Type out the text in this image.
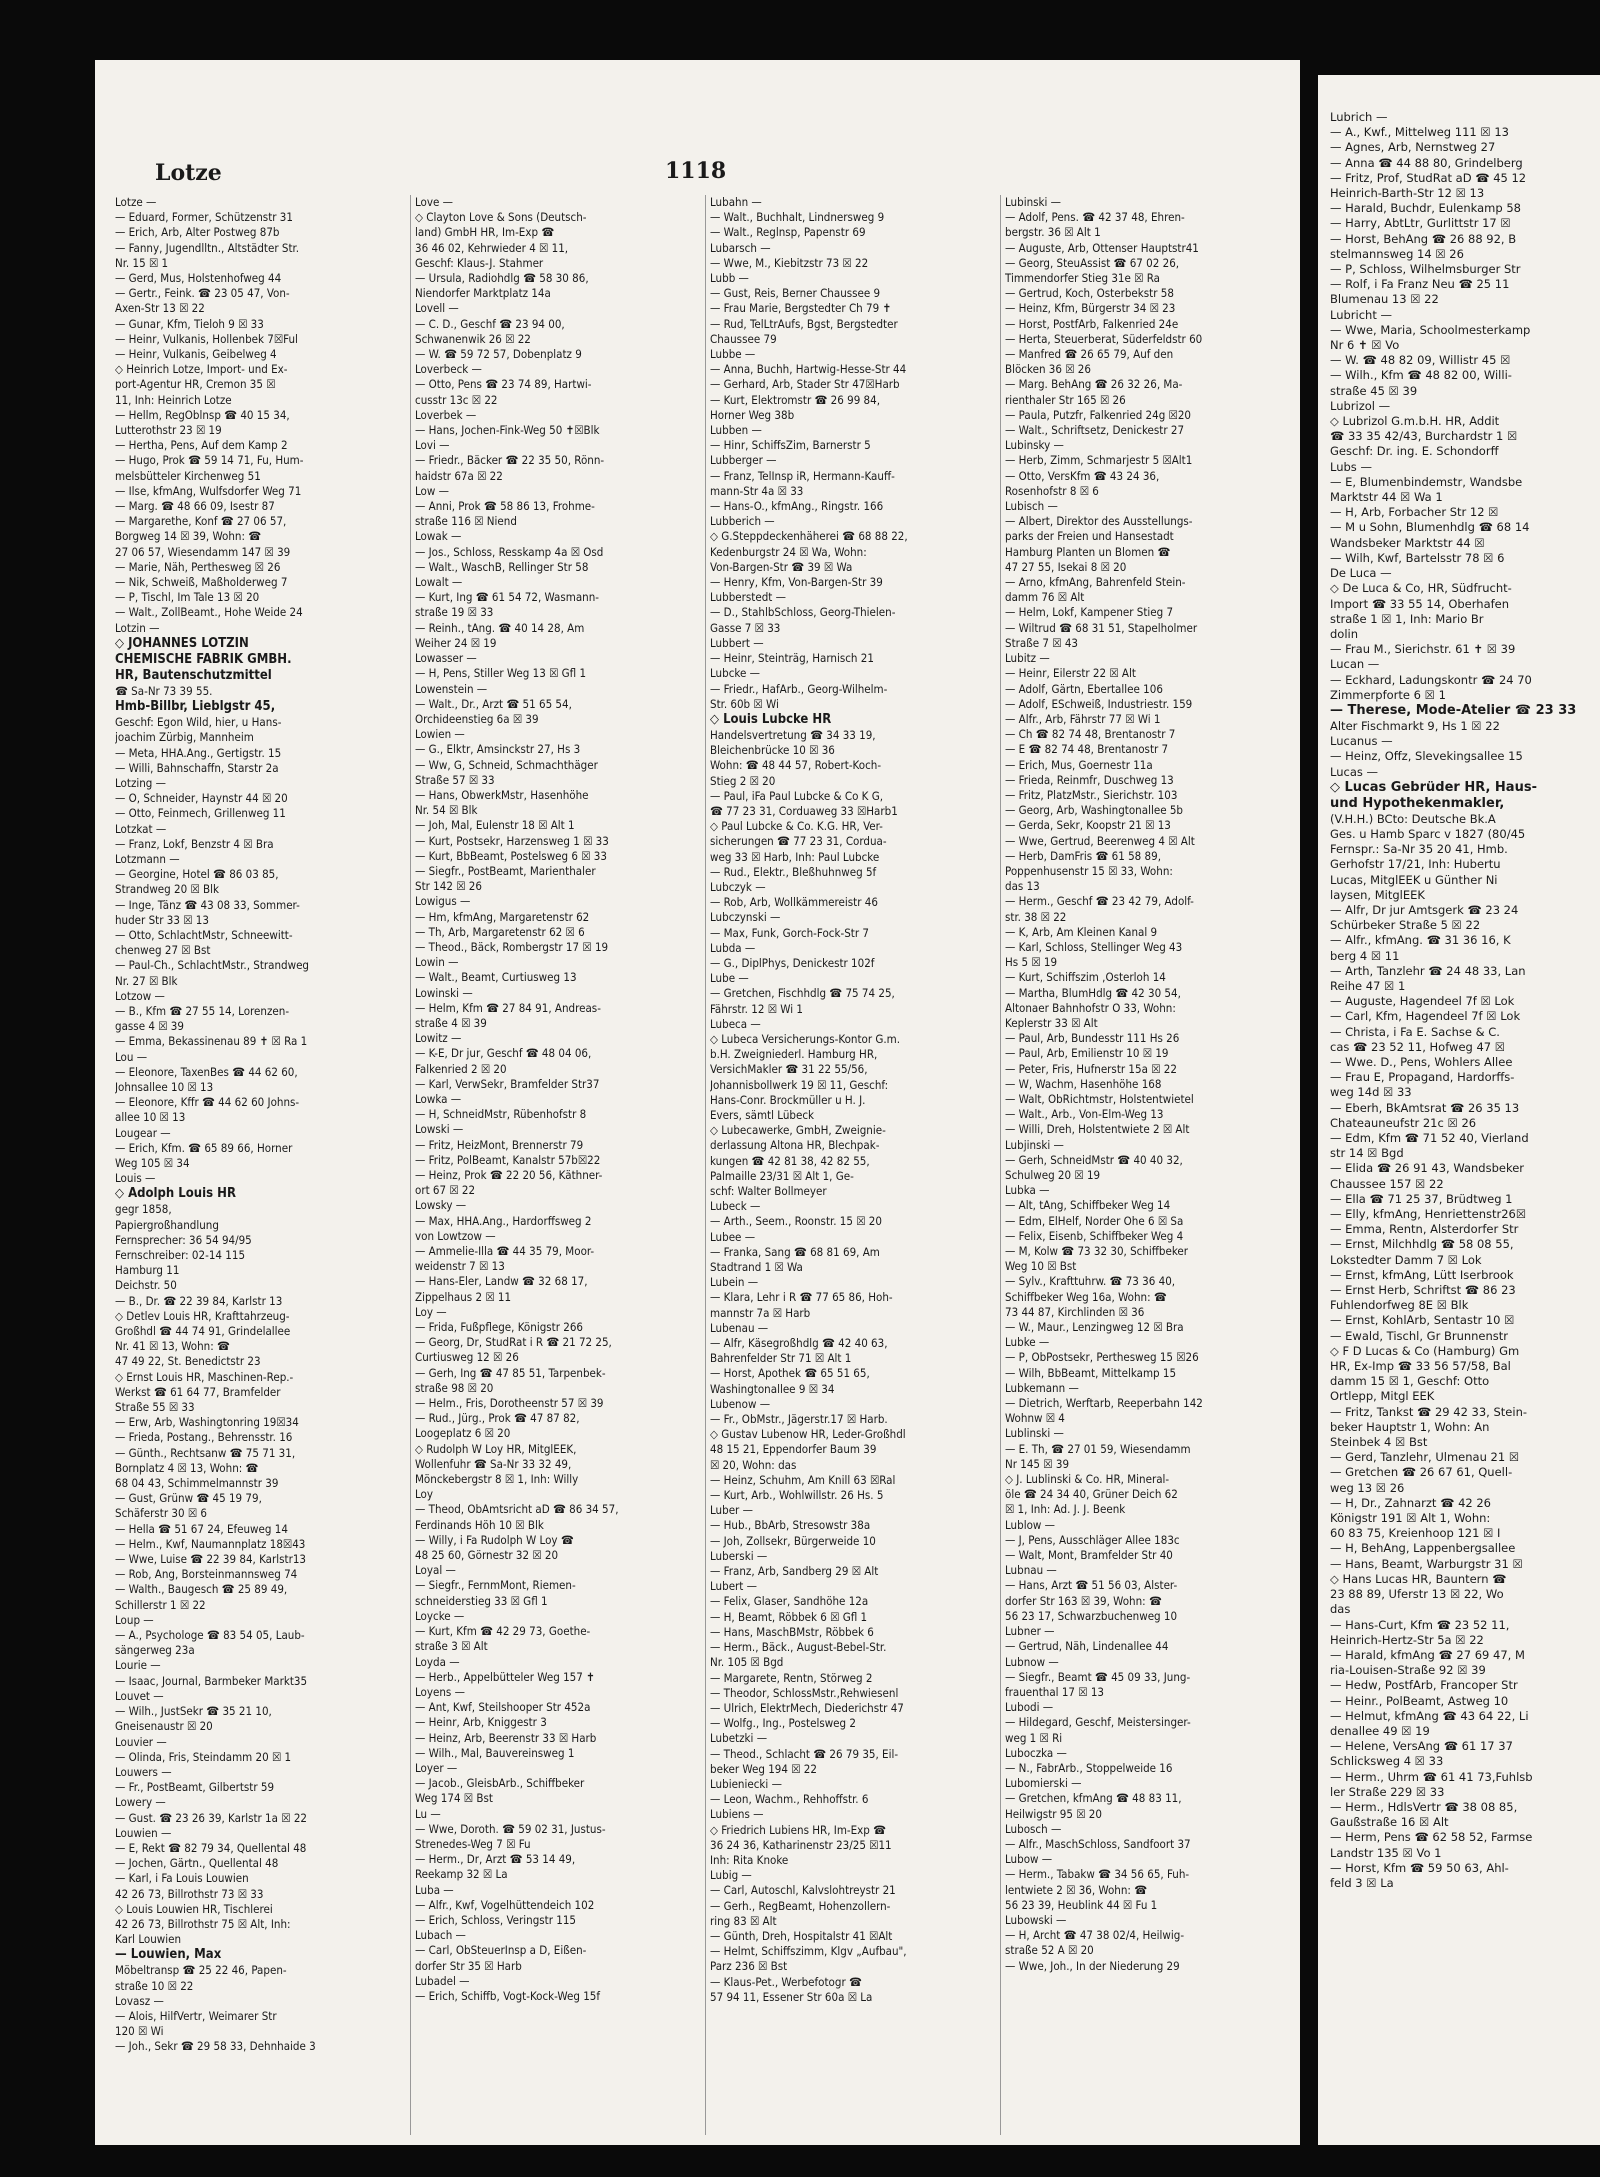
Lotze	1118
Lotze —
— Eduard, Former, Schützenstr 31
— Erich, Arb, Alter Postweg 87b
— Fanny, Jugendlltn., Altstädter Str.
Nr. 15 ☒ 1
— Gerd, Mus, Holstenhofweg 44
— Gertr., Feink. ☎ 23 05 47, Von-
Axen-Str 13 ☒ 22
— Gunar, Kfm, Tieloh 9 ☒ 33
— Heinr, Vulkanis, Hollenbek 7☒Ful
— Heinr, Vulkanis, Geibelweg 4
◇ Heinrich Lotze, Import- und Ex-
port-Agentur HR, Cremon 35 ☒
11, Inh: Heinrich Lotze
— Hellm, RegOblnsp ☎ 40 15 34,
Lutterothstr 23 ☒ 19
— Hertha, Pens, Auf dem Kamp 2
— Hugo, Prok ☎ 59 14 71, Fu, Hum-
melsbütteler Kirchenweg 51
— Ilse, kfmAng, Wulfsdorfer Weg 71
— Marg. ☎ 48 66 09, Isestr 87
— Margarethe, Konf ☎ 27 06 57,
Borgweg 14 ☒ 39, Wohn: ☎
27 06 57, Wiesendamm 147 ☒ 39
— Marie, Näh, Perthesweg ☒ 26
— Nik, Schweiß, Maßholderweg 7
— P, Tischl, Im Tale 13 ☒ 20
— Walt., ZollBeamt., Hohe Weide 24
Lotzin —
◇ JOHANNES LOTZIN
CHEMISCHE FABRIK GMBH.
HR, Bautenschutzmittel
☎ Sa-Nr 73 39 55.
Hmb-Billbr, Lieblgstr 45,
Geschf: Egon Wild, hier, u Hans-
joachim Zürbig, Mannheim
— Meta, HHA.Ang., Gertigstr. 15
— Willi, Bahnschaffn, Starstr 2a
Lotzing —
— O, Schneider, Haynstr 44 ☒ 20
— Otto, Feinmech, Grillenweg 11
Lotzkat —
— Franz, Lokf, Benzstr 4 ☒ Bra
Lotzmann —
— Georgine, Hotel ☎ 86 03 85,
Strandweg 20 ☒ Blk
— Inge, Tänz ☎ 43 08 33, Sommer-
huder Str 33 ☒ 13
— Otto, SchlachtMstr, Schneewitt-
chenweg 27 ☒ Bst
— Paul-Ch., SchlachtMstr., Strandweg
Nr. 27 ☒ Blk
Lotzow —
— B., Kfm ☎ 27 55 14, Lorenzen-
gasse 4 ☒ 39
— Emma, Bekassinenau 89 ✝ ☒ Ra 1
Lou —
— Eleonore, TaxenBes ☎ 44 62 60,
Johnsallee 10 ☒ 13
— Eleonore, Kffr ☎ 44 62 60 Johns-
allee 10 ☒ 13
Lougear —
— Erich, Kfm. ☎ 65 89 66, Horner
Weg 105 ☒ 34
Louis —
◇ Adolph Louis HR
gegr 1858,
Papiergroßhandlung
Fernsprecher: 36 54 94/95
Fernschreiber: 02-14 115
Hamburg 11
Deichstr. 50
— B., Dr. ☎ 22 39 84, Karlstr 13
◇ Detlev Louis HR, Krafttahrzeug-
Großhdl ☎ 44 74 91, Grindelallee
Nr. 41 ☒ 13, Wohn: ☎
47 49 22, St. Benedictstr 23
◇ Ernst Louis HR, Maschinen-Rep.-
Werkst ☎ 61 64 77, Bramfelder
Straße 55 ☒ 33
— Erw, Arb, Washingtonring 19☒34
— Frieda, Postang., Behrensstr. 16
— Günth., Rechtsanw ☎ 75 71 31,
Bornplatz 4 ☒ 13, Wohn: ☎
68 04 43, Schimmelmannstr 39
— Gust, Grünw ☎ 45 19 79,
Schäferstr 30 ☒ 6
— Hella ☎ 51 67 24, Efeuweg 14
— Helm., Kwf, Naumannplatz 18☒43
— Wwe, Luise ☎ 22 39 84, Karlstr13
— Rob, Ang, Borsteinmannsweg 74
— Walth., Baugesch ☎ 25 89 49,
Schillerstr 1 ☒ 22
Loup —
— A., Psychologe ☎ 83 54 05, Laub-
sängerweg 23a
Lourie —
— Isaac, Journal, Barmbeker Markt35
Louvet —
— Wilh., JustSekr ☎ 35 21 10,
Gneisenaustr ☒ 20
Louvier —
— Olinda, Fris, Steindamm 20 ☒ 1
Louwers —
— Fr., PostBeamt, Gilbertstr 59
Lowery —
— Gust. ☎ 23 26 39, Karlstr 1a ☒ 22
Louwien —
— E, Rekt ☎ 82 79 34, Quellental 48
— Jochen, Gärtn., Quellental 48
— Karl, i Fa Louis Louwien
42 26 73, Billrothstr 73 ☒ 33
◇ Louis Louwien HR, Tischlerei
42 26 73, Billrothstr 75 ☒ Alt, Inh:
Karl Louwien
— Louwien, Max
Möbeltransp ☎ 25 22 46, Papen-
straße 10 ☒ 22
Lovasz —
— Alois, HilfVertr, Weimarer Str
120 ☒ Wi
— Joh., Sekr ☎ 29 58 33, Dehnhaide 3
Love —
◇ Clayton Love & Sons (Deutsch-
land) GmbH HR, Im-Exp ☎
36 46 02, Kehrwieder 4 ☒ 11,
Geschf: Klaus-J. Stahmer
— Ursula, Radiohdlg ☎ 58 30 86,
Niendorfer Marktplatz 14a
Lovell —
— C. D., Geschf ☎ 23 94 00,
Schwanenwik 26 ☒ 22
— W. ☎ 59 72 57, Dobenplatz 9
Loverbeck —
— Otto, Pens ☎ 23 74 89, Hartwi-
cusstr 13c ☒ 22
Loverbek —
— Hans, Jochen-Fink-Weg 50 ✝☒Blk
Lovi —
— Friedr., Bäcker ☎ 22 35 50, Rönn-
haidstr 67a ☒ 22
Low —
— Anni, Prok ☎ 58 86 13, Frohme-
straße 116 ☒ Niend
Lowak —
— Jos., Schloss, Resskamp 4a ☒ Osd
— Walt., WaschB, Rellinger Str 58
Lowalt —
— Kurt, Ing ☎ 61 54 72, Wasmann-
straße 19 ☒ 33
— Reinh., tAng. ☎ 40 14 28, Am
Weiher 24 ☒ 19
Lowasser —
— H, Pens, Stiller Weg 13 ☒ Gfl 1
Lowenstein —
— Walt., Dr., Arzt ☎ 51 65 54,
Orchideenstieg 6a ☒ 39
Lowien —
— G., Elktr, Amsinckstr 27, Hs 3
— Ww, G, Schneid, Schmachthäger
Straße 57 ☒ 33
— Hans, ObwerkMstr, Hasenhöhe
Nr. 54 ☒ Blk
— Joh, Mal, Eulenstr 18 ☒ Alt 1
— Kurt, Postsekr, Harzensweg 1 ☒ 33
— Kurt, BbBeamt, Postelsweg 6 ☒ 33
— Siegfr., PostBeamt, Marienthaler
Str 142 ☒ 26
Lowigus —
— Hm, kfmAng, Margaretenstr 62
— Th, Arb, Margaretenstr 62 ☒ 6
— Theod., Bäck, Rombergstr 17 ☒ 19
Lowin —
— Walt., Beamt, Curtiusweg 13
Lowinski —
— Helm, Kfm ☎ 27 84 91, Andreas-
straße 4 ☒ 39
Lowitz —
— K-E, Dr jur, Geschf ☎ 48 04 06,
Falkenried 2 ☒ 20
— Karl, VerwSekr, Bramfelder Str37
Lowka —
— H, SchneidMstr, Rübenhofstr 8
Lowski —
— Fritz, HeizMont, Brennerstr 79
— Fritz, PolBeamt, Kanalstr 57b☒22
— Heinz, Prok ☎ 22 20 56, Käthner-
ort 67 ☒ 22
Lowsky —
— Max, HHA.Ang., Hardorffsweg 2
von Lowtzow —
— Ammelie-Illa ☎ 44 35 79, Moor-
weidenstr 7 ☒ 13
— Hans-Eler, Landw ☎ 32 68 17,
Zippelhaus 2 ☒ 11
Loy —
— Frida, Fußpflege, Königstr 266
— Georg, Dr, StudRat i R ☎ 21 72 25,
Curtiusweg 12 ☒ 26
— Gerh, Ing ☎ 47 85 51, Tarpenbek-
straße 98 ☒ 20
— Helm., Fris, Dorotheenstr 57 ☒ 39
— Rud., Jürg., Prok ☎ 47 87 82,
Loogeplatz 6 ☒ 20
◇ Rudolph W Loy HR, MitglEEK,
Wollenfuhr ☎ Sa-Nr 33 32 49,
Mönckebergstr 8 ☒ 1, Inh: Willy
Loy
— Theod, ObAmtsricht aD ☎ 86 34 57,
Ferdinands Höh 10 ☒ Blk
— Willy, i Fa Rudolph W Loy ☎
48 25 60, Görnestr 32 ☒ 20
Loyal —
— Siegfr., FernmMont, Riemen-
schneiderstieg 33 ☒ Gfl 1
Loycke —
— Kurt, Kfm ☎ 42 29 73, Goethe-
straße 3 ☒ Alt
Loyda —
— Herb., Appelbütteler Weg 157 ✝
Loyens —
— Ant, Kwf, Steilshooper Str 452a
— Heinr, Arb, Kniggestr 3
— Heinz, Arb, Beerenstr 33 ☒ Harb
— Wilh., Mal, Bauvereinsweg 1
Loyer —
— Jacob., GleisbArb., Schiffbeker
Weg 174 ☒ Bst
Lu —
— Wwe, Doroth. ☎ 59 02 31, Justus-
Strenedes-Weg 7 ☒ Fu
— Herm., Dr, Arzt ☎ 53 14 49,
Reekamp 32 ☒ La
Luba —
— Alfr., Kwf, Vogelhüttendeich 102
— Erich, Schloss, Veringstr 115
Lubach —
— Carl, ObSteuerInsp a D, Eißen-
dorfer Str 35 ☒ Harb
Lubadel —
— Erich, Schiffb, Vogt-Kock-Weg 15f
Lubahn —
— Walt., Buchhalt, Lindnersweg 9
— Walt., Reglnsp, Papenstr 69
Lubarsch —
— Wwe, M., Kiebitzstr 73 ☒ 22
Lubb —
— Gust, Reis, Berner Chaussee 9
— Frau Marie, Bergstedter Ch 79 ✝
— Rud, TelLtrAufs, Bgst, Bergstedter
Chaussee 79
Lubbe —
— Anna, Buchh, Hartwig-Hesse-Str 44
— Gerhard, Arb, Stader Str 47☒Harb
— Kurt, Elektromstr ☎ 26 99 84,
Horner Weg 38b
Lubben —
— Hinr, SchiffsZim, Barnerstr 5
Lubberger —
— Franz, TelInsp iR, Hermann-Kauff-
mann-Str 4a ☒ 33
— Hans-O., kfmAng., Ringstr. 166
Lubberich —
◇ G.Steppdeckenhäherei ☎ 68 88 22,
Kedenburgstr 24 ☒ Wa, Wohn:
Von-Bargen-Str ☎ 39 ☒ Wa
— Henry, Kfm, Von-Bargen-Str 39
Lubberstedt —
— D., StahlbSchloss, Georg-Thielen-
Gasse 7 ☒ 33
Lubbert —
— Heinr, Steinträg, Harnisch 21
Lubcke —
— Friedr., HafArb., Georg-Wilhelm-
Str. 60b ☒ Wi
◇ Louis Lubcke HR
Handelsvertretung ☎ 34 33 19,
Bleichenbrücke 10 ☒ 36
Wohn: ☎ 48 44 57, Robert-Koch-
Stieg 2 ☒ 20
— Paul, iFa Paul Lubcke & Co K G,
☎ 77 23 31, Corduaweg 33 ☒Harb1
◇ Paul Lubcke & Co. K.G. HR, Ver-
sicherungen ☎ 77 23 31, Cordua-
weg 33 ☒ Harb, Inh: Paul Lubcke
— Rud., Elektr., Bleßhuhnweg 5f
Lubczyk —
— Rob, Arb, Wollkämmereistr 46
Lubczynski —
— Max, Funk, Gorch-Fock-Str 7
Lubda —
— G., DiplPhys, Denickestr 102f
Lube —
— Gretchen, Fischhdlg ☎ 75 74 25,
Fährstr. 12 ☒ Wi 1
Lubeca —
◇ Lubeca Versicherungs-Kontor G.m.
b.H. Zweigniederl. Hamburg HR,
VersichMakler ☎ 31 22 55/56,
Johannisbollwerk 19 ☒ 11, Geschf:
Hans-Conr. Brockmüller u H. J.
Evers, sämtl Lübeck
◇ Lubecawerke, GmbH, Zweignie-
derlassung Altona HR, Blechpak-
kungen ☎ 42 81 38, 42 82 55,
Palmaille 23/31 ☒ Alt 1, Ge-
schf: Walter Bollmeyer
Lubeck —
— Arth., Seem., Roonstr. 15 ☒ 20
Lubee —
— Franka, Sang ☎ 68 81 69, Am
Stadtrand 1 ☒ Wa
Lubein —
— Klara, Lehr i R ☎ 77 65 86, Hoh-
mannstr 7a ☒ Harb
Lubenau —
— Alfr, Käsegroßhdlg ☎ 42 40 63,
Bahrenfelder Str 71 ☒ Alt 1
— Horst, Apothek ☎ 65 51 65,
Washingtonallee 9 ☒ 34
Lubenow —
— Fr., ObMstr., Jägerstr.17 ☒ Harb.
◇ Gustav Lubenow HR, Leder-Großhdl
48 15 21, Eppendorfer Baum 39
☒ 20, Wohn: das
— Heinz, Schuhm, Am Knill 63 ☒Ral
— Kurt, Arb., Wohlwillstr. 26 Hs. 5
Luber —
— Hub., BbArb, Stresowstr 38a
— Joh, Zollsekr, Bürgerweide 10
Luberski —
— Franz, Arb, Sandberg 29 ☒ Alt
Lubert —
— Felix, Glaser, Sandhöhe 12a
— H, Beamt, Röbbek 6 ☒ Gfl 1
— Hans, MaschBMstr, Röbbek 6
— Herm., Bäck., August-Bebel-Str.
Nr. 105 ☒ Bgd
— Margarete, Rentn, Störweg 2
— Theodor, SchlossMstr.,Rehwiesenl
— Ulrich, ElektrMech, Diederichstr 47
— Wolfg., Ing., Postelsweg 2
Lubetzki —
— Theod., Schlacht ☎ 26 79 35, Eil-
beker Weg 194 ☒ 22
Lubieniecki —
— Leon, Wachm., Rehhoffstr. 6
Lubiens —
◇ Friedrich Lubiens HR, Im-Exp ☎
36 24 36, Katharinenstr 23/25 ☒11
Inh: Rita Knoke
Lubig —
— Carl, Autoschl, Kalvslohtreystr 21
— Gerh., RegBeamt, Hohenzollern-
ring 83 ☒ Alt
— Günth, Dreh, Hospitalstr 41 ☒Alt
— Helmt, Schiffszimm, Klgv „Aufbau",
Parz 236 ☒ Bst
— Klaus-Pet., Werbefotogr ☎
57 94 11, Essener Str 60a ☒ La
Lubinski —
— Adolf, Pens. ☎ 42 37 48, Ehren-
bergstr. 36 ☒ Alt 1
— Auguste, Arb, Ottenser Hauptstr41
— Georg, SteuAssist ☎ 67 02 26,
Timmendorfer Stieg 31e ☒ Ra
— Gertrud, Koch, Osterbekstr 58
— Heinz, Kfm, Bürgerstr 34 ☒ 23
— Horst, PostfArb, Falkenried 24e
— Herta, Steuerberat, Süderfeldstr 60
— Manfred ☎ 26 65 79, Auf den
Blöcken 36 ☒ 26
— Marg. BehAng ☎ 26 32 26, Ma-
rienthaler Str 165 ☒ 26
— Paula, Putzfr, Falkenried 24g ☒20
— Walt., Schriftsetz, Denickestr 27
Lubinsky —
— Herb, Zimm, Schmarjestr 5 ☒Alt1
— Otto, VersKfm ☎ 43 24 36,
Rosenhofstr 8 ☒ 6
Lubisch —
— Albert, Direktor des Ausstellungs-
parks der Freien und Hansestadt
Hamburg Planten un Blomen ☎
47 27 55, Isekai 8 ☒ 20
— Arno, kfmAng, Bahrenfeld Stein-
damm 76 ☒ Alt
— Helm, Lokf, Kampener Stieg 7
— Wiltrud ☎ 68 31 51, Stapelholmer
Straße 7 ☒ 43
Lubitz —
— Heinr, Eilerstr 22 ☒ Alt
— Adolf, Gärtn, Ebertallee 106
— Adolf, ESchweiß, Industriestr. 159
— Alfr., Arb, Fährstr 77 ☒ Wi 1
— Ch ☎ 82 74 48, Brentanostr 7
— E ☎ 82 74 48, Brentanostr 7
— Erich, Mus, Goernestr 11a
— Frieda, Reinmfr, Duschweg 13
— Fritz, PlatzMstr., Sierichstr. 103
— Georg, Arb, Washingtonallee 5b
— Gerda, Sekr, Koopstr 21 ☒ 13
— Wwe, Gertrud, Beerenweg 4 ☒ Alt
— Herb, DamFris ☎ 61 58 89,
Poppenhusenstr 15 ☒ 33, Wohn:
das 13
— Herm., Geschf ☎ 23 42 79, Adolf-
str. 38 ☒ 22
— K, Arb, Am Kleinen Kanal 9
— Karl, Schloss, Stellinger Weg 43
Hs 5 ☒ 19
— Kurt, Schiffszim ,Osterloh 14
— Martha, BlumHdlg ☎ 42 30 54,
Altonaer Bahnhofstr O 33, Wohn:
Keplerstr 33 ☒ Alt
— Paul, Arb, Bundesstr 111 Hs 26
— Paul, Arb, Emilienstr 10 ☒ 19
— Peter, Fris, Hufnerstr 15a ☒ 22
— W, Wachm, Hasenhöhe 168
— Walt, ObRichtmstr, Holstentwietel
— Walt., Arb., Von-Elm-Weg 13
— Willi, Dreh, Holstentwiete 2 ☒ Alt
Lubjinski —
— Gerh, SchneidMstr ☎ 40 40 32,
Schulweg 20 ☒ 19
Lubka —
— Alt, tAng, Schiffbeker Weg 14
— Edm, ElHelf, Norder Ohe 6 ☒ Sa
— Felix, Eisenb, Schiffbeker Weg 4
— M, Kolw ☎ 73 32 30, Schiffbeker
Weg 10 ☒ Bst
— Sylv., Krafttuhrw. ☎ 73 36 40,
Schiffbeker Weg 16a, Wohn: ☎
73 44 87, Kirchlinden ☒ 36
— W., Maur., Lenzingweg 12 ☒ Bra
Lubke —
— P, ObPostsekr, Perthesweg 15 ☒26
— Wilh, BbBeamt, Mittelkamp 15
Lubkemann —
— Dietrich, Werftarb, Reeperbahn 142
Wohnw ☒ 4
Lublinski —
— E. Th, ☎ 27 01 59, Wiesendamm
Nr 145 ☒ 39
◇ J. Lublinski & Co. HR, Mineral-
öle ☎ 24 34 40, Grüner Deich 62
☒ 1, Inh: Ad. J. J. Beenk
Lublow —
— J, Pens, Ausschläger Allee 183c
— Walt, Mont, Bramfelder Str 40
Lubnau —
— Hans, Arzt ☎ 51 56 03, Alster-
dorfer Str 163 ☒ 39, Wohn: ☎
56 23 17, Schwarzbuchenweg 10
Lubner —
— Gertrud, Näh, Lindenallee 44
Lubnow —
— Siegfr., Beamt ☎ 45 09 33, Jung-
frauenthal 17 ☒ 13
Lubodi —
— Hildegard, Geschf, Meistersinger-
weg 1 ☒ Ri
Luboczka —
— N., FabrArb., Stoppelweide 16
Lubomierski —
— Gretchen, kfmAng ☎ 48 83 11,
Heilwigstr 95 ☒ 20
Lubosch —
— Alfr., MaschSchloss, Sandfoort 37
Lubow —
— Herm., Tabakw ☎ 34 56 65, Fuh-
lentwiete 2 ☒ 36, Wohn: ☎
56 23 39, Heublink 44 ☒ Fu 1
Lubowski —
— H, Archt ☎ 47 38 02/4, Heilwig-
straße 52 A ☒ 20
— Wwe, Joh., In der Niederung 29
Lubrich —
— A., Kwf., Mittelweg 111 ☒ 13
— Agnes, Arb, Nernstweg 27
— Anna ☎ 44 88 80, Grindelberg
— Fritz, Prof, StudRat aD ☎ 45 12
Heinrich-Barth-Str 12 ☒ 13
— Harald, Buchdr, Eulenkamp 58
— Harry, AbtLtr, Gurlittstr 17 ☒
— Horst, BehAng ☎ 26 88 92, B
stelmannsweg 14 ☒ 26
— P, Schloss, Wilhelmsburger Str
— Rolf, i Fa Franz Neu ☎ 25 11
Blumenau 13 ☒ 22
Lubricht —
— Wwe, Maria, Schoolmesterkamp
Nr 6 ✝ ☒ Vo
— W. ☎ 48 82 09, Willistr 45 ☒
— Wilh., Kfm ☎ 48 82 00, Willi-
straße 45 ☒ 39
Lubrizol —
◇ Lubrizol G.m.b.H. HR, Addit
☎ 33 35 42/43, Burchardstr 1 ☒
Geschf: Dr. ing. E. Schondorff
Lubs —
— E, Blumenbindemstr, Wandsbe
Marktstr 44 ☒ Wa 1
— H, Arb, Forbacher Str 12 ☒
— M u Sohn, Blumenhdlg ☎ 68 14
Wandsbeker Marktstr 44 ☒
— Wilh, Kwf, Bartelsstr 78 ☒ 6
De Luca —
◇ De Luca & Co, HR, Südfrucht-
Import ☎ 33 55 14, Oberhafen
straße 1 ☒ 1, Inh: Mario Br
dolin
— Frau M., Sierichstr. 61 ✝ ☒ 39
Lucan —
— Eckhard, Ladungskontr ☎ 24 70
Zimmerpforte 6 ☒ 1
— Therese, Mode-Atelier ☎ 23 33
Alter Fischmarkt 9, Hs 1 ☒ 22
Lucanus —
— Heinz, Offz, Slevekingsallee 15
Lucas —
◇ Lucas Gebrüder HR, Haus-
und Hypothekenmakler,
(V.H.H.) BCto: Deutsche Bk.A
Ges. u Hamb Sparc v 1827 (80/45
Fernspr.: Sa-Nr 35 20 41, Hmb.
Gerhofstr 17/21, Inh: Hubertu
Lucas, MitglEEK u Günther Ni
laysen, MitglEEK
— Alfr, Dr jur Amtsgerk ☎ 23 24
Schürbeker Straße 5 ☒ 22
— Alfr., kfmAng. ☎ 31 36 16, K
berg 4 ☒ 11
— Arth, Tanzlehr ☎ 24 48 33, Lan
Reihe 47 ☒ 1
— Auguste, Hagendeel 7f ☒ Lok
— Carl, Kfm, Hagendeel 7f ☒ Lok
— Christa, i Fa E. Sachse & C.
cas ☎ 23 52 11, Hofweg 47 ☒
— Wwe. D., Pens, Wohlers Allee
— Frau E, Propagand, Hardorffs-
weg 14d ☒ 33
— Eberh, BkAmtsrat ☎ 26 35 13
Chateauneufstr 21c ☒ 26
— Edm, Kfm ☎ 71 52 40, Vierland
str 14 ☒ Bgd
— Elida ☎ 26 91 43, Wandsbeker
Chaussee 157 ☒ 22
— Ella ☎ 71 25 37, Brüdtweg 1
— Elly, kfmAng, Henriettenstr26☒
— Emma, Rentn, Alsterdorfer Str
— Ernst, Milchhdlg ☎ 58 08 55,
Lokstedter Damm 7 ☒ Lok
— Ernst, kfmAng, Lütt Iserbrook
— Ernst Herb, Schriftst ☎ 86 23
Fuhlendorfweg 8E ☒ Blk
— Ernst, KohlArb, Sentastr 10 ☒
— Ewald, Tischl, Gr Brunnenstr
◇ F D Lucas & Co (Hamburg) Gm
HR, Ex-Imp ☎ 33 56 57/58, Bal
damm 15 ☒ 1, Geschf: Otto
Ortlepp, Mitgl EEK
— Fritz, Tankst ☎ 29 42 33, Stein-
beker Hauptstr 1, Wohn: An
Steinbek 4 ☒ Bst
— Gerd, Tanzlehr, Ulmenau 21 ☒
— Gretchen ☎ 26 67 61, Quell-
weg 13 ☒ 26
— H, Dr., Zahnarzt ☎ 42 26
Königstr 191 ☒ Alt 1, Wohn:
60 83 75, Kreienhoop 121 ☒ I
— H, BehAng, Lappenbergsallee
— Hans, Beamt, Warburgstr 31 ☒
◇ Hans Lucas HR, Bauntern ☎
23 88 89, Uferstr 13 ☒ 22, Wo
das
— Hans-Curt, Kfm ☎ 23 52 11,
Heinrich-Hertz-Str 5a ☒ 22
— Harald, kfmAng ☎ 27 69 47, M
ria-Louisen-Straße 92 ☒ 39
— Hedw, PostfArb, Francoper Str
— Heinr., PolBeamt, Astweg 10
— Helmut, kfmAng ☎ 43 64 22, Li
denallee 49 ☒ 19
— Helene, VersAng ☎ 61 17 37
Schlicksweg 4 ☒ 33
— Herm., Uhrm ☎ 61 41 73,Fuhlsb
ler Straße 229 ☒ 33
— Herm., HdlsVertr ☎ 38 08 85,
Gaußstraße 16 ☒ Alt
— Herm, Pens ☎ 62 58 52, Farmse
Landstr 135 ☒ Vo 1
— Horst, Kfm ☎ 59 50 63, Ahl-
feld 3 ☒ La
